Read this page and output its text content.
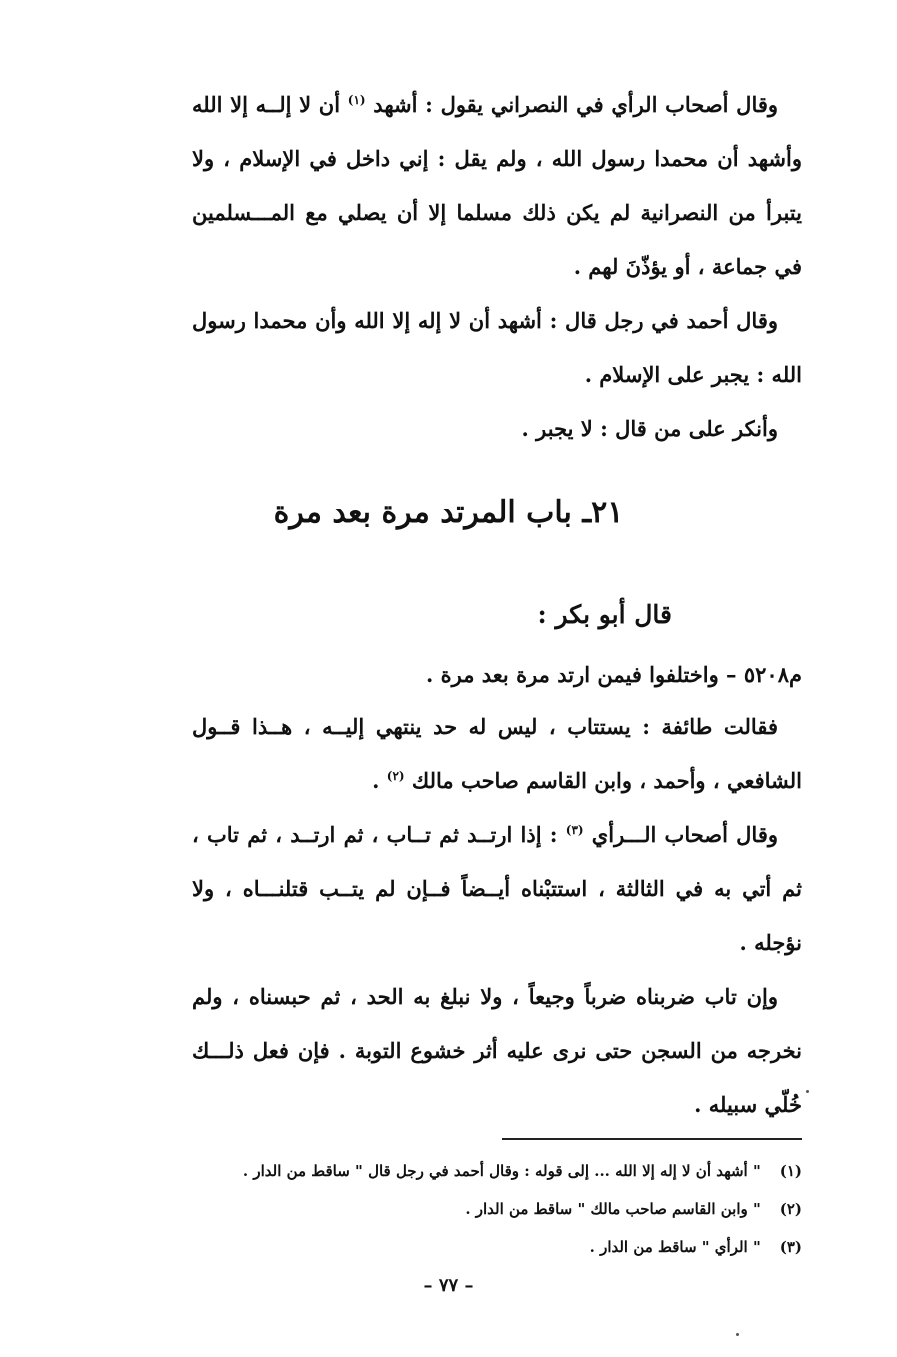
وقال أصحاب الرأي في النصراني يقول : أشهد $^{(١)}$ أن لا إلــه إلا الله وأشهد أن محمدا رسول الله ، ولم يقل : إني داخل في الإسلام ، ولا يتبرأ من النصرانية لم يكن ذلك مسلما إلا أن يصلي مع المـــسلمين في جماعة ، أو يؤذّنَ لهم .

وقال أحمد في رجل قال : أشهد أن لا إله إلا الله وأن محمدا رسول الله : يجبر على الإسلام .

وأنكر على من قال : لا يجبر .

٢١ـ باب المرتد مرة بعد مرة
قال أبو بكر :
م٥٢٠٨ – واختلفوا فيمن ارتد مرة بعد مرة .

فقالت طائفة : يستتاب ، ليس له حد ينتهي إليــه ، هــذا قــول الشافعي ، وأحمد ، وابن القاسم صاحب مالك $^{(٢)}$ .

وقال أصحاب الـــرأي $^{(٣)}$ : إذا ارتــد ثم تــاب ، ثم ارتــد ، ثم تاب ، ثم أتي به في الثالثة ، استتبْناه أيــضاً فــإن لم يتــب قتلنـــاه ، ولا نؤجله .

وإن تاب ضربناه ضرباً وجيعاً ، ولا نبلغ به الحد ، ثم حبسناه ، ولم نخرجه من السجن حتى نرى عليه أثر خشوع التوبة . فإن فعل ذلـــك خُلّي سبيله .

(١) " أشهد أن لا إله إلا الله ... إلى قوله : وقال أحمد في رجل قال " ساقط من الدار .
(٢) " وابن القاسم صاحب مالك " ساقط من الدار .
(٣) " الرأي " ساقط من الدار .
– ٧٧ –
